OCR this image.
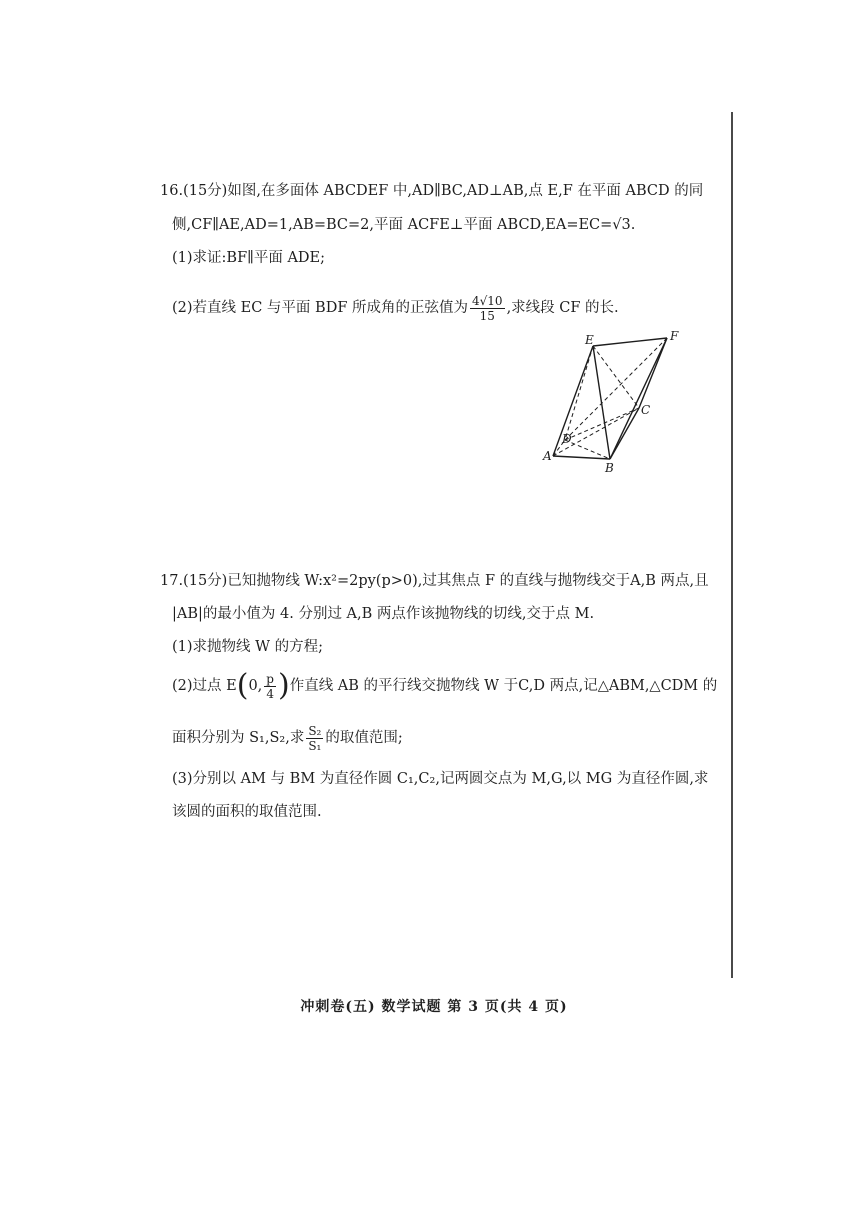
16.(15分)如图,在多面体 ABCDEF 中,AD∥BC,AD⊥AB,点 E,F 在平面 ABCD 的同
侧,CF∥AE,AD=1,AB=BC=2,平面 ACFE⊥平面 ABCD,EA=EC=√3.
(1)求证:BF∥平面 ADE;
(2)若直线 EC 与平面 BDF 所成角的正弦值为 $\frac{4√10}{15}$ ,求线段 CF 的长.
E	F
A
B
C
D
17.(15分)已知抛物线 W:x²=2py(p>0),过其焦点 F 的直线与抛物线交于A,B 两点,且
|AB|的最小值为 4. 分别过 A,B 两点作该抛物线的切线,交于点 M.
(1)求抛物线 W 的方程;
(2)过点 E(0, $\frac{p}{4}$ )作直线 AB 的平行线交抛物线 W 于C,D 两点,记△ABM,△CDM 的
面积分别为 S₁,S₂,求 $\frac{\text{S₂}}{\text{S₁}}$ 的取值范围;
(3)分别以 AM 与 BM 为直径作圆 C₁,C₂,记两圆交点为 M,G,以 MG 为直径作圆,求
该圆的面积的取值范围.
冲刺卷(五) 数学试题 第 3 页(共 4 页)
